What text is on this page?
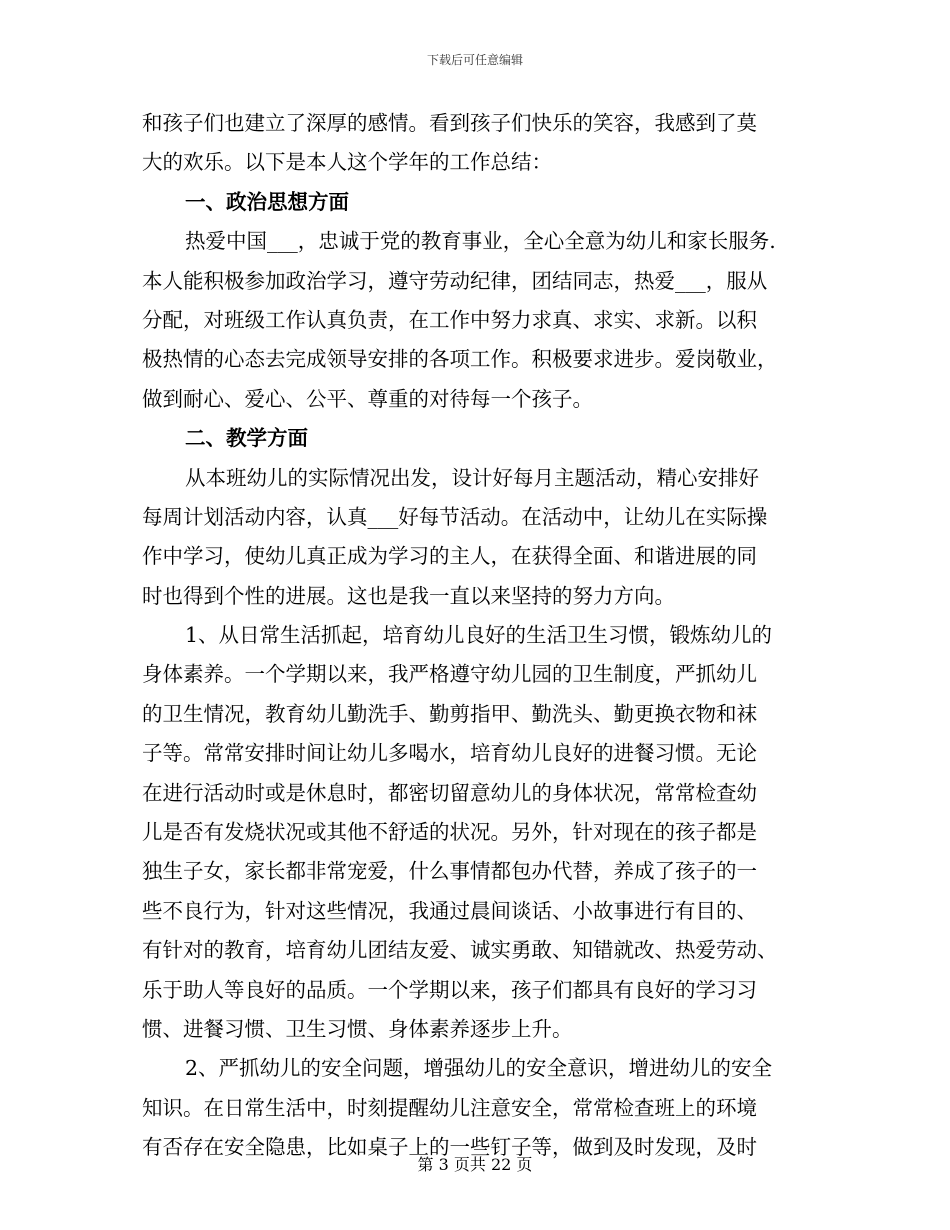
下载后可任意编辑
和孩子们也建立了深厚的感情。看到孩子们快乐的笑容，我感到了莫
大的欢乐。以下是本人这个学年的工作总结：
一、政治思想方面
热爱中国___，忠诚于党的教育事业，全心全意为幼儿和家长服务.
本人能积极参加政治学习，遵守劳动纪律，团结同志，热爱___，服从
分配，对班级工作认真负责，在工作中努力求真、求实、求新。以积
极热情的心态去完成领导安排的各项工作。积极要求进步。爱岗敬业，
做到耐心、爱心、公平、尊重的对待每一个孩子。
二、教学方面
从本班幼儿的实际情况出发，设计好每月主题活动，精心安排好
每周计划活动内容，认真___好每节活动。在活动中，让幼儿在实际操
作中学习，使幼儿真正成为学习的主人，在获得全面、和谐进展的同
时也得到个性的进展。这也是我一直以来坚持的努力方向。
1、从日常生活抓起，培育幼儿良好的生活卫生习惯，锻炼幼儿的
身体素养。一个学期以来，我严格遵守幼儿园的卫生制度，严抓幼儿
的卫生情况，教育幼儿勤洗手、勤剪指甲、勤洗头、勤更换衣物和袜
子等。常常安排时间让幼儿多喝水，培育幼儿良好的进餐习惯。无论
在进行活动时或是休息时，都密切留意幼儿的身体状况，常常检查幼
儿是否有发烧状况或其他不舒适的状况。另外，针对现在的孩子都是
独生子女，家长都非常宠爱，什么事情都包办代替，养成了孩子的一
些不良行为，针对这些情况，我通过晨间谈话、小故事进行有目的、
有针对的教育，培育幼儿团结友爱、诚实勇敢、知错就改、热爱劳动、
乐于助人等良好的品质。一个学期以来，孩子们都具有良好的学习习
惯、进餐习惯、卫生习惯、身体素养逐步上升。
2、严抓幼儿的安全问题，增强幼儿的安全意识，增进幼儿的安全
知识。在日常生活中，时刻提醒幼儿注意安全，常常检查班上的环境
有否存在安全隐患，比如桌子上的一些钉子等，做到及时发现，及时
第 3 页共 22 页
